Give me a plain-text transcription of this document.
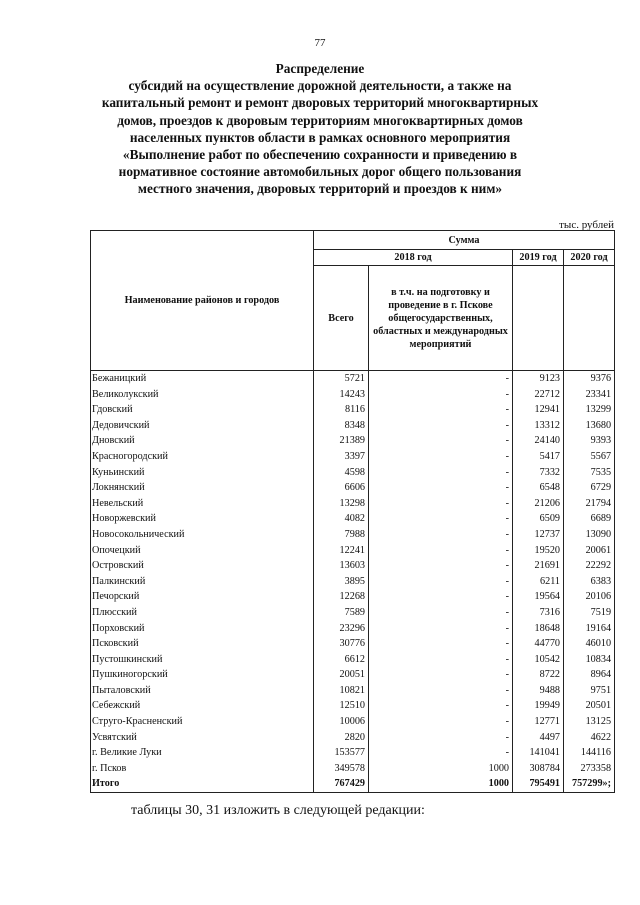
77
Распределение
субсидий на осуществление дорожной деятельности, а также на
капитальный ремонт и ремонт дворовых территорий многоквартирных
домов, проездов к дворовым территориям многоквартирных домов
населенных пунктов области в рамках основного мероприятия
«Выполнение работ по обеспечению сохранности и приведению в
нормативное состояние автомобильных дорог общего пользования
местного значения, дворовых территорий и проездов к ним»
тыс. рублей
Наименование районов и городов	Сумма			
	2018 год		2019 год	2020 год
	Всего	в т.ч. на подготовку и проведение в г. Пскове общегосударственных, областных и международных мероприятий		
Бежаницкий	5721	-	9123	9376
Великолукский	14243	-	22712	23341
Гдовский	8116	-	12941	13299
Дедовичский	8348	-	13312	13680
Дновский	21389	-	24140	9393
Красногородский	3397	-	5417	5567
Куньинский	4598	-	7332	7535
Локнянский	6606	-	6548	6729
Невельский	13298	-	21206	21794
Новоржевский	4082	-	6509	6689
Новосокольнический	7988	-	12737	13090
Опочецкий	12241	-	19520	20061
Островский	13603	-	21691	22292
Палкинский	3895	-	6211	6383
Печорский	12268	-	19564	20106
Плюсский	7589	-	7316	7519
Порховский	23296	-	18648	19164
Псковский	30776	-	44770	46010
Пустошкинский	6612	-	10542	10834
Пушкиногорский	20051	-	8722	8964
Пыталовский	10821	-	9488	9751
Себежский	12510	-	19949	20501
Струго-Красненский	10006	-	12771	13125
Усвятский	2820	-	4497	4622
г. Великие Луки	153577	-	141041	144116
г. Псков	349578	1000	308784	273358
Итого	767429	1000	795491	757299»;
таблицы 30, 31 изложить в следующей редакции:
